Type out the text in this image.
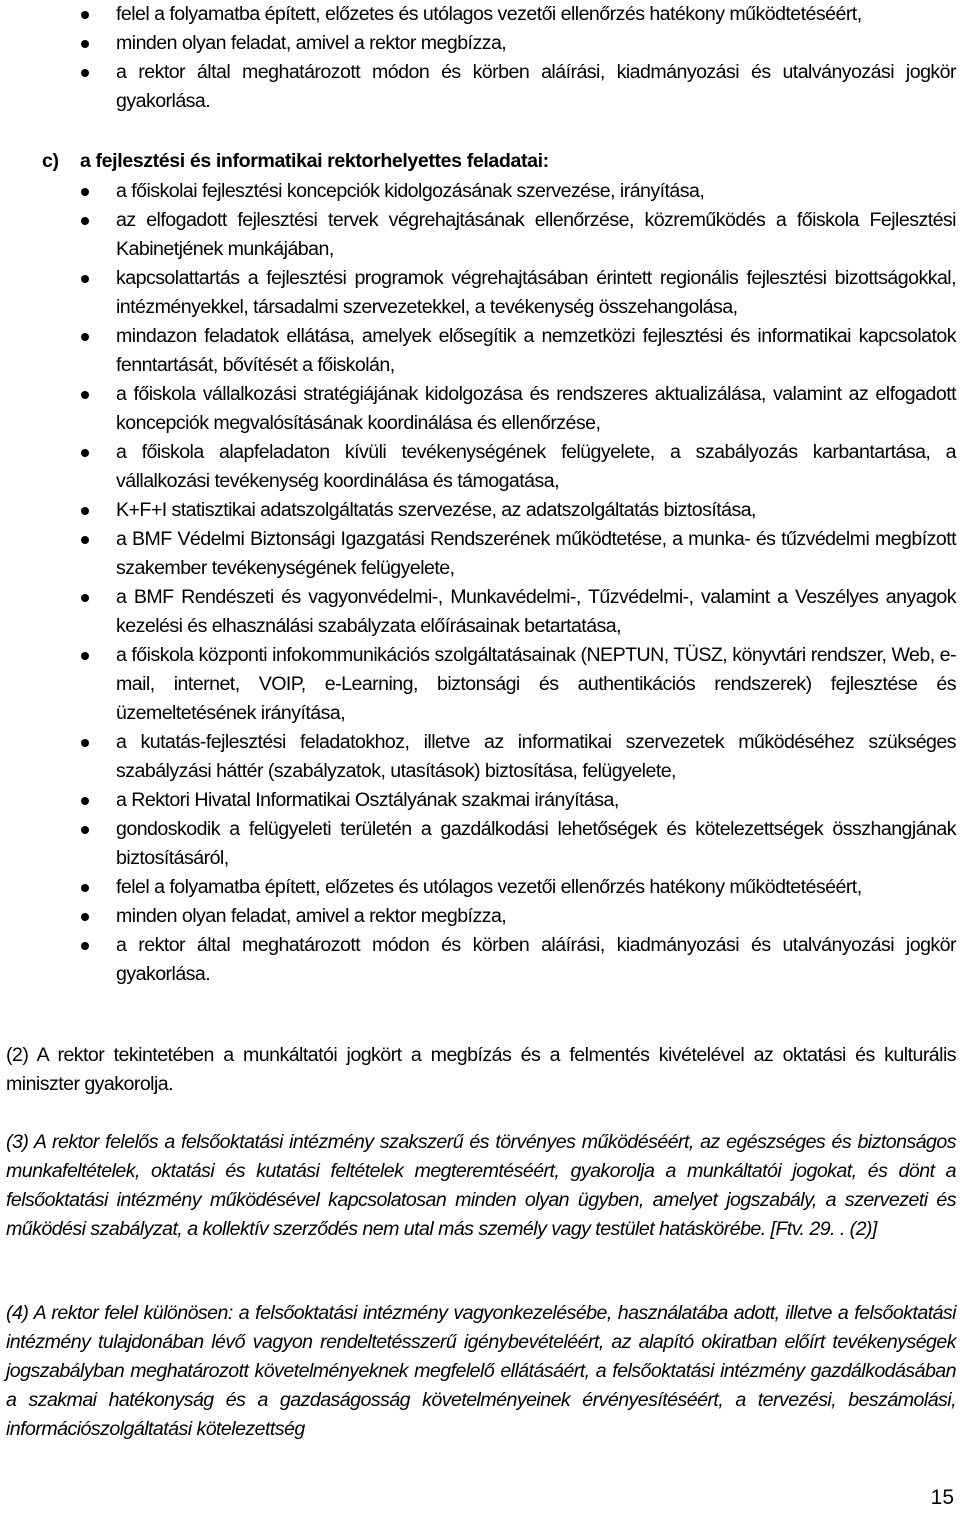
felel a folyamatba épített, előzetes és utólagos vezetői ellenőrzés hatékony működtetéséért,
minden olyan feladat, amivel a rektor megbízza,
a rektor által meghatározott módon és körben aláírási, kiadmányozási és utalványozási jogkör gyakorlása.

c) a fejlesztési és informatikai rektorhelyettes feladatai:

a főiskolai fejlesztési koncepciók kidolgozásának szervezése, irányítása,
az elfogadott fejlesztési tervek végrehajtásának ellenőrzése, közreműködés a főiskola Fejlesztési Kabinetjének munkájában,
kapcsolattartás a fejlesztési programok végrehajtásában érintett regionális fejlesztési bizottságokkal, intézményekkel, társadalmi szervezetekkel, a tevékenység összehangolása,
mindazon feladatok ellátása, amelyek elősegítik a nemzetközi fejlesztési és informatikai kapcsolatok fenntartását, bővítését a főiskolán,
a főiskola vállalkozási stratégiájának kidolgozása és rendszeres aktualizálása, valamint az elfogadott koncepciók megvalósításának koordinálása és ellenőrzése,
a főiskola alapfeladaton kívüli tevékenységének felügyelete, a szabályozás karbantartása, a vállalkozási tevékenység koordinálása és támogatása,
K+F+I statisztikai adatszolgáltatás szervezése, az adatszolgáltatás biztosítása,
a BMF Védelmi Biztonsági Igazgatási Rendszerének működtetése, a munka- és tűzvédelmi megbízott szakember tevékenységének felügyelete,
a BMF Rendészeti és vagyonvédelmi-, Munkavédelmi-, Tűzvédelmi-, valamint a Veszélyes anyagok kezelési és elhasználási szabályzata előírásainak betartatása,
a főiskola központi infokommunikációs szolgáltatásainak (NEPTUN, TÜSZ, könyvtári rendszer, Web, e-mail, internet, VOIP, e-Learning, biztonsági és authentikációs rendszerek) fejlesztése és üzemeltetésének irányítása,
a kutatás-fejlesztési feladatokhoz, illetve az informatikai szervezetek működéséhez szükséges szabályzási háttér (szabályzatok, utasítások) biztosítása, felügyelete,
a Rektori Hivatal Informatikai Osztályának szakmai irányítása,
gondoskodik a felügyeleti területén a gazdálkodási lehetőségek és kötelezettségek összhangjának biztosításáról,
felel a folyamatba épített, előzetes és utólagos vezetői ellenőrzés hatékony működtetéséért,
minden olyan feladat, amivel a rektor megbízza,
a rektor által meghatározott módon és körben aláírási, kiadmányozási és utalványozási jogkör gyakorlása.

(2) A rektor tekintetében a munkáltatói jogkört a megbízás és a felmentés kivételével az oktatási és kulturális miniszter gyakorolja.

(3) A rektor felelős a felsőoktatási intézmény szakszerű és törvényes működéséért, az egészséges és biztonságos munkafeltételek, oktatási és kutatási feltételek megteremtéséért, gyakorolja a munkáltatói jogokat, és dönt a felsőoktatási intézmény működésével kapcsolatosan minden olyan ügyben, amelyet jogszabály, a szervezeti és működési szabályzat, a kollektív szerződés nem utal más személy vagy testület hatáskörébe. [Ftv. 29. . (2)]

(4) A rektor felel különösen: a felsőoktatási intézmény vagyonkezelésébe, használatába adott, illetve a felsőoktatási intézmény tulajdonában lévő vagyon rendeltetésszerű igénybevételéért, az alapító okiratban előírt tevékenységek jogszabályban meghatározott követelményeknek megfelelő ellátásáért, a felsőoktatási intézmény gazdálkodásában a szakmai hatékonyság és a gazdaságosság követelményeinek érvényesítéséért, a tervezési, beszámolási, információszolgáltatási kötelezettség

15
